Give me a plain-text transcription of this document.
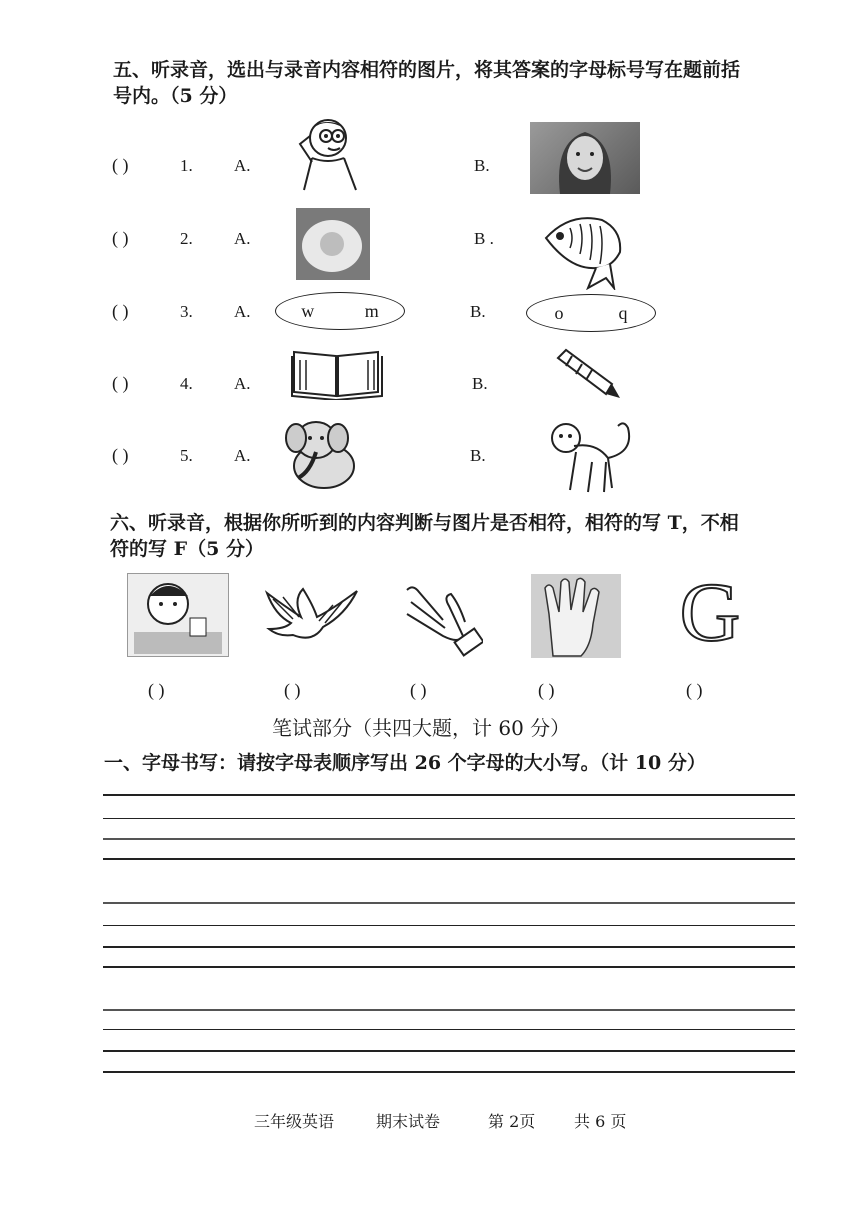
五、听录音，选出与录音内容相符的图片，将其答案的字母标号写在题前括
号内。（5 分）
( )	1. A.	B.
( )	2. A.	B .
( )	3. A.	w	m	B.	o	q
( )	4. A.	B.
( )	5. A.	B.
六、听录音，根据你所听到的内容判断与图片是否相符，相符的写 T，不相
符的写 F（5 分）
G
( )	( )	( )	( )	( )
笔试部分（共四大题，计 60 分）
一、字母书写：请按字母表顺序写出 26 个字母的大小写。（计 10 分）
三年级英语	期末试卷	第 2页 共 6 页
